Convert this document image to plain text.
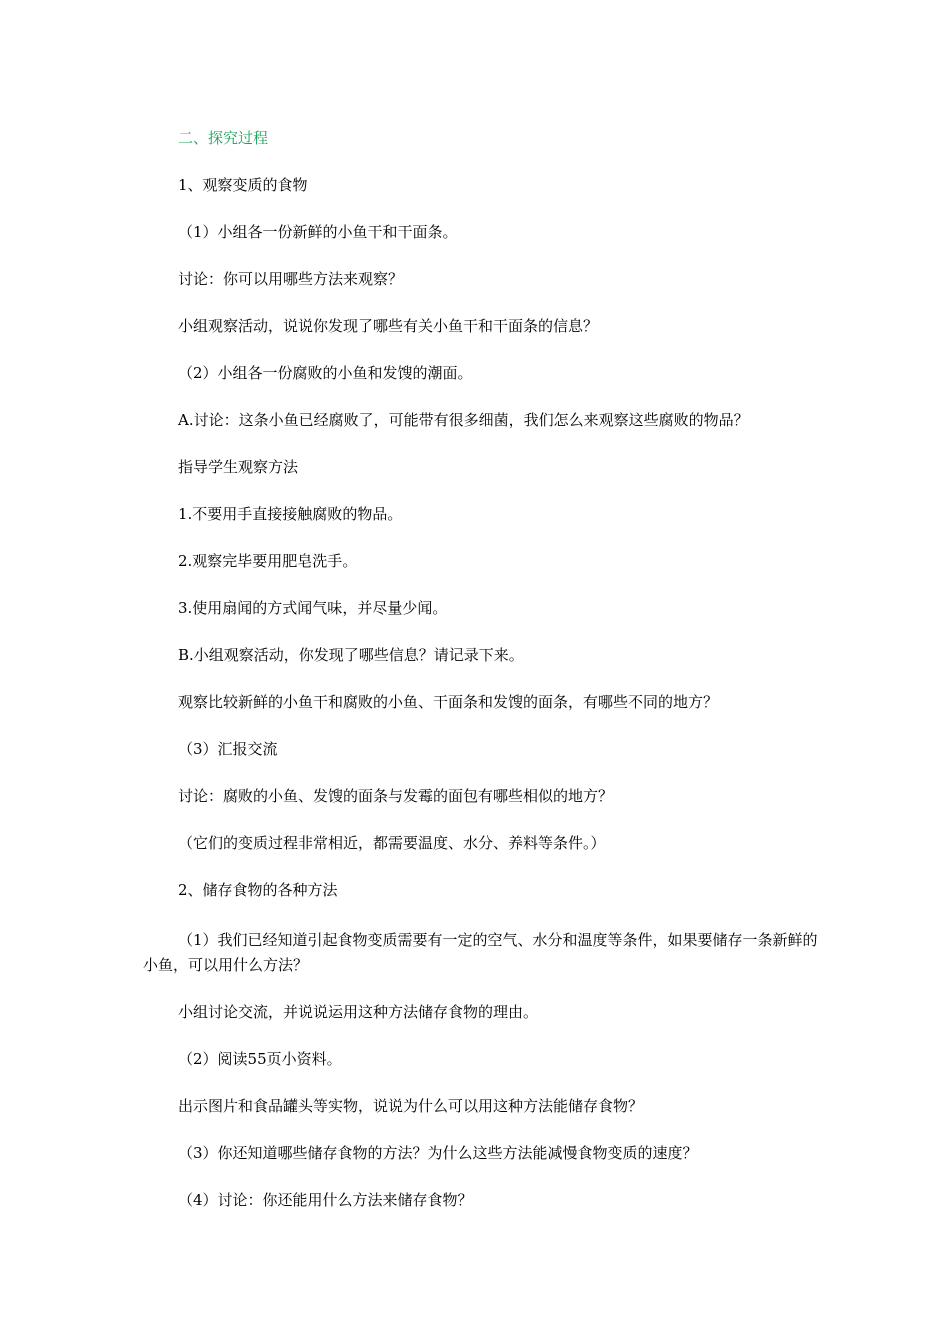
二、探究过程
1、观察变质的食物
（1）小组各一份新鲜的小鱼干和干面条。
讨论：你可以用哪些方法来观察？
小组观察活动，说说你发现了哪些有关小鱼干和干面条的信息？
（2）小组各一份腐败的小鱼和发馊的潮面。
A.讨论：这条小鱼已经腐败了，可能带有很多细菌，我们怎么来观察这些腐败的物品？
指导学生观察方法
1.不要用手直接接触腐败的物品。
2.观察完毕要用肥皂洗手。
3.使用扇闻的方式闻气味，并尽量少闻。
B.小组观察活动，你发现了哪些信息？请记录下来。
观察比较新鲜的小鱼干和腐败的小鱼、干面条和发馊的面条，有哪些不同的地方？
（3）汇报交流
讨论：腐败的小鱼、发馊的面条与发霉的面包有哪些相似的地方？
（它们的变质过程非常相近，都需要温度、水分、养料等条件。）
2、储存食物的各种方法
（1）我们已经知道引起食物变质需要有一定的空气、水分和温度等条件，如果要储存一条新鲜的小鱼，可以用什么方法？
小组讨论交流，并说说运用这种方法储存食物的理由。
（2）阅读55页小资料。
出示图片和食品罐头等实物，说说为什么可以用这种方法能储存食物？
（3）你还知道哪些储存食物的方法？为什么这些方法能减慢食物变质的速度？
（4）讨论：你还能用什么方法来储存食物？
